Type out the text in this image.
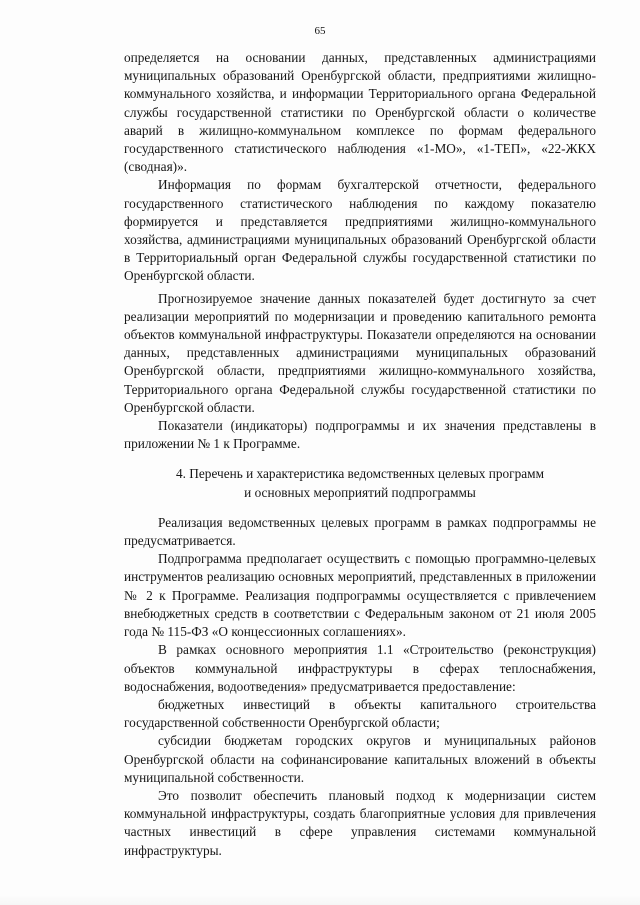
65

определяется на основании данных, представленных администрациями муниципальных образований Оренбургской области, предприятиями жилищно-коммунального хозяйства, и информации Территориального органа Федеральной службы государственной статистики по Оренбургской области о количестве аварий в жилищно-коммунальном комплексе по формам федерального государственного статистического наблюдения «1-МО», «1-ТЕП», «22-ЖКХ (сводная)».

Информация по формам бухгалтерской отчетности, федерального государственного статистического наблюдения по каждому показателю формируется и представляется предприятиями жилищно-коммунального хозяйства, администрациями муниципальных образований Оренбургской области в Территориальный орган Федеральной службы государственной статистики по Оренбургской области.

Прогнозируемое значение данных показателей будет достигнуто за счет реализации мероприятий по модернизации и проведению капитального ремонта объектов коммунальной инфраструктуры. Показатели определяются на основании данных, представленных администрациями муниципальных образований Оренбургской области, предприятиями жилищно-коммунального хозяйства, Территориального органа Федеральной службы государственной статистики по Оренбургской области.

Показатели (индикаторы) подпрограммы и их значения представлены в приложении № 1 к Программе.

4. Перечень и характеристика ведомственных целевых программ
и основных мероприятий подпрограммы

Реализация ведомственных целевых программ в рамках подпрограммы не предусматривается.

Подпрограмма предполагает осуществить с помощью программно-целевых инструментов реализацию основных мероприятий, представленных в приложении № 2 к Программе. Реализация подпрограммы осуществляется с привлечением внебюджетных средств в соответствии с Федеральным законом от 21 июля 2005 года № 115-ФЗ «О концессионных соглашениях».

В рамках основного мероприятия 1.1 «Строительство (реконструкция) объектов коммунальной инфраструктуры в сферах теплоснабжения, водоснабжения, водоотведения» предусматривается предоставление:

бюджетных инвестиций в объекты капитального строительства государственной собственности Оренбургской области;

субсидии бюджетам городских округов и муниципальных районов Оренбургской области на софинансирование капитальных вложений в объекты муниципальной собственности.

Это позволит обеспечить плановый подход к модернизации систем коммунальной инфраструктуры, создать благоприятные условия для привлечения частных инвестиций в сфере управления системами коммунальной инфраструктуры.
